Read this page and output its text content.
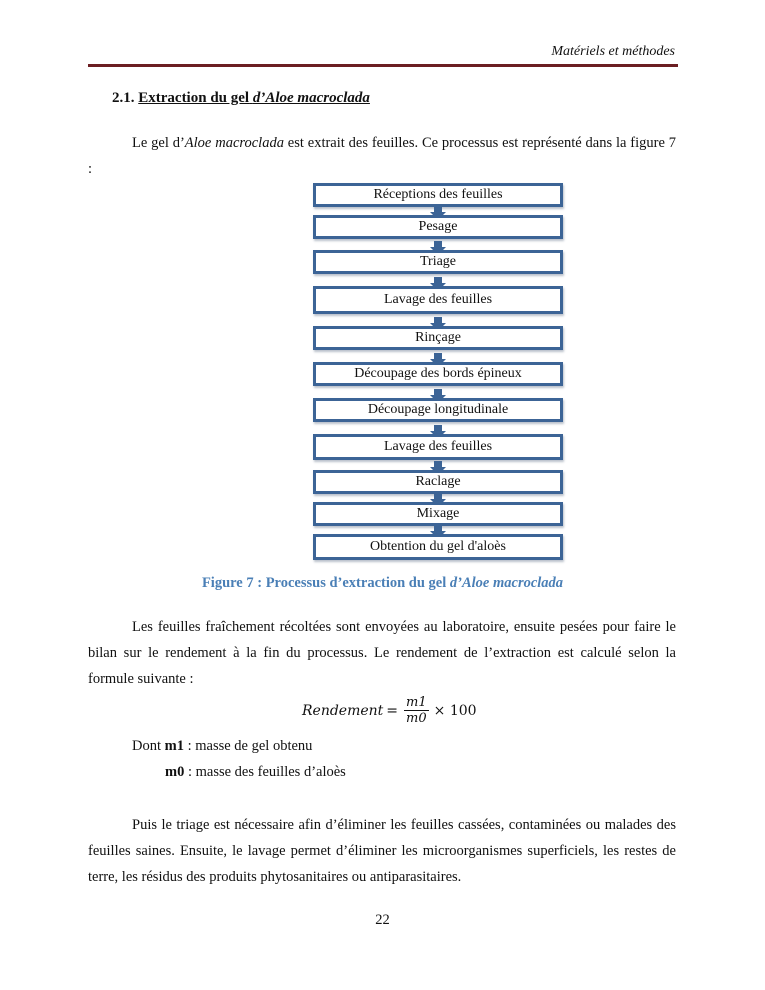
Matériels et méthodes
2.1. Extraction du gel d’Aloe macroclada

Le gel d’Aloe macroclada est extrait des feuilles. Ce processus est représenté dans la figure 7 :

Réceptions des feuilles
Pesage
Triage
Lavage des feuilles
Rinçage
Découpage des bords épineux
Découpage longitudinale
Lavage des feuilles
Raclage
Mixage
Obtention du gel d'aloès
Figure 7 : Processus d’extraction du gel d’Aloe macroclada

Les feuilles fraîchement récoltées sont envoyées au laboratoire, ensuite pesées pour faire le bilan sur le rendement à la fin du processus. Le rendement de l’extraction est calculé selon la formule suivante :

Rendement = $\frac{m1}{m0} \times 100$
Dont m1 : masse de gel obtenu
m0 : masse des feuilles d’aloès

Puis le triage est nécessaire afin d’éliminer les feuilles cassées, contaminées ou malades des feuilles saines. Ensuite, le lavage permet d’éliminer les microorganismes superficiels, les restes de terre, les résidus des produits phytosanitaires ou antiparasitaires.

22
